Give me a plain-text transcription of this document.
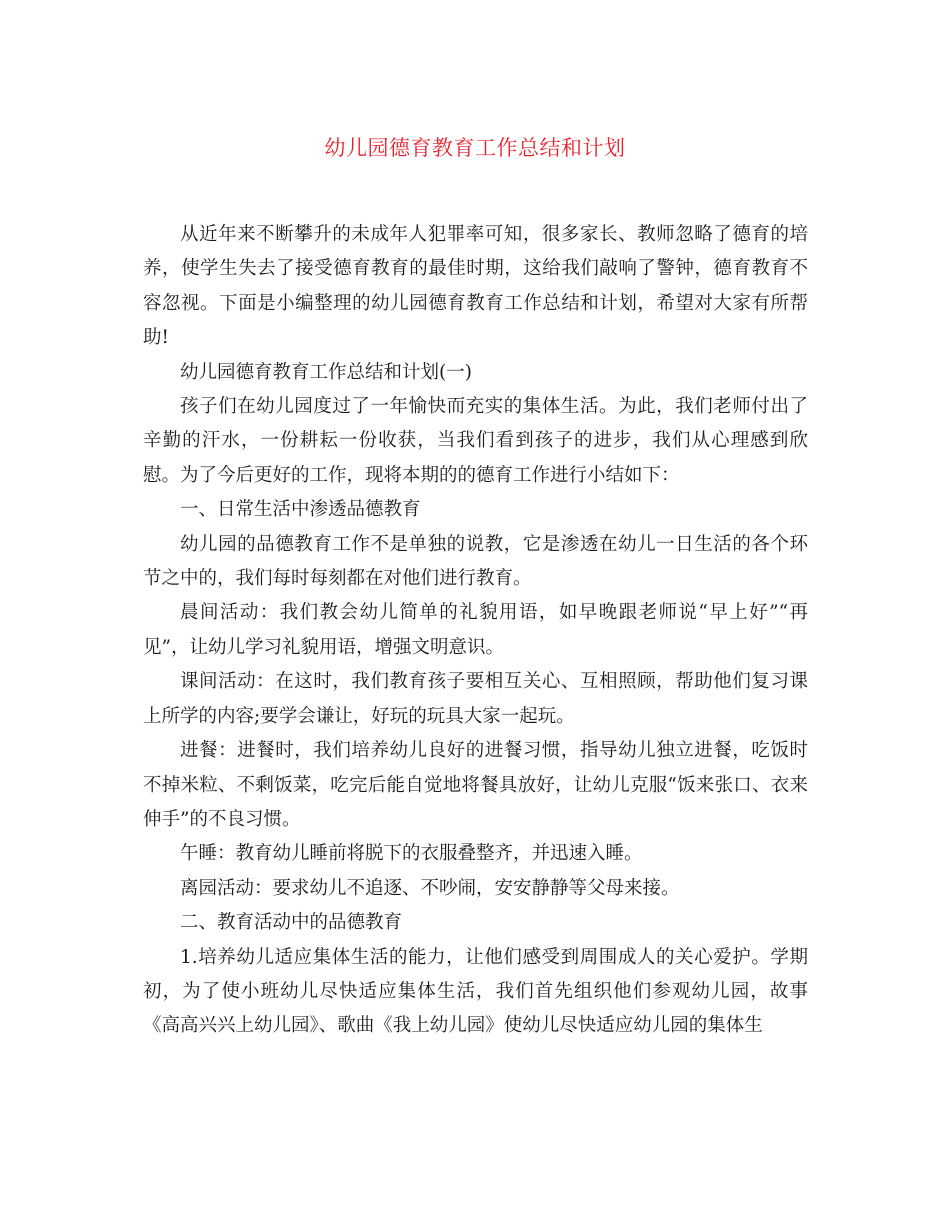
幼儿园德育教育工作总结和计划

从近年来不断攀升的未成年人犯罪率可知，很多家长、教师忽略了德育的培养，使学生失去了接受德育教育的最佳时期，这给我们敲响了警钟，德育教育不容忽视。下面是小编整理的幼儿园德育教育工作总结和计划，希望对大家有所帮助!

幼儿园德育教育工作总结和计划(一)

孩子们在幼儿园度过了一年愉快而充实的集体生活。为此，我们老师付出了辛勤的汗水，一份耕耘一份收获，当我们看到孩子的进步，我们从心理感到欣慰。为了今后更好的工作，现将本期的的德育工作进行小结如下：

一、日常生活中渗透品德教育

幼儿园的品德教育工作不是单独的说教，它是渗透在幼儿一日生活的各个环节之中的，我们每时每刻都在对他们进行教育。

晨间活动：我们教会幼儿简单的礼貌用语，如早晚跟老师说“早上好”“再见”，让幼儿学习礼貌用语，增强文明意识。

课间活动：在这时，我们教育孩子要相互关心、互相照顾，帮助他们复习课上所学的内容;要学会谦让，好玩的玩具大家一起玩。

进餐：进餐时，我们培养幼儿良好的进餐习惯，指导幼儿独立进餐，吃饭时不掉米粒、不剩饭菜，吃完后能自觉地将餐具放好，让幼儿克服“饭来张口、衣来伸手”的不良习惯。

午睡：教育幼儿睡前将脱下的衣服叠整齐，并迅速入睡。

离园活动：要求幼儿不追逐、不吵闹，安安静静等父母来接。

二、教育活动中的品德教育

1.培养幼儿适应集体生活的能力，让他们感受到周围成人的关心爱护。学期初，为了使小班幼儿尽快适应集体生活，我们首先组织他们参观幼儿园，故事《高高兴兴上幼儿园》、歌曲《我上幼儿园》使幼儿尽快适应幼儿园的集体生
